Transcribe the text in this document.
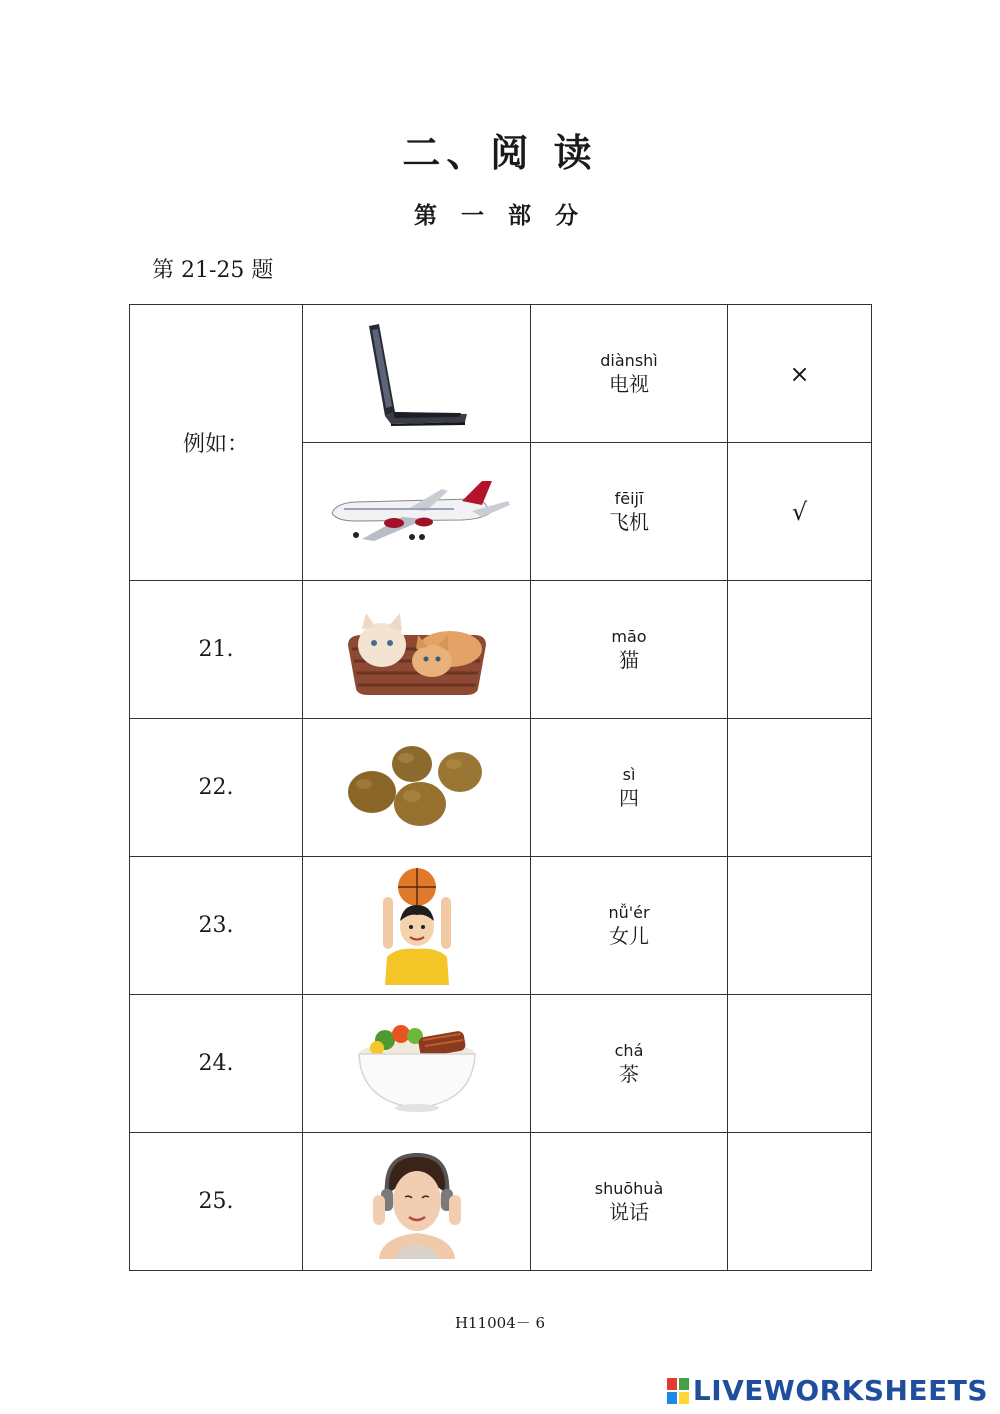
二、阅 读
第 一 部 分
第 21-25 题
例如：		diànshì
电视	×

fēijī
飞机	√
21.		māo
猫	

22.		sì
四	

23.		nǚ'ér
女儿	

24.		chá
茶	

25.		shuōhuà
说话	

H11004－ 6
LIVEWORKSHEETS
